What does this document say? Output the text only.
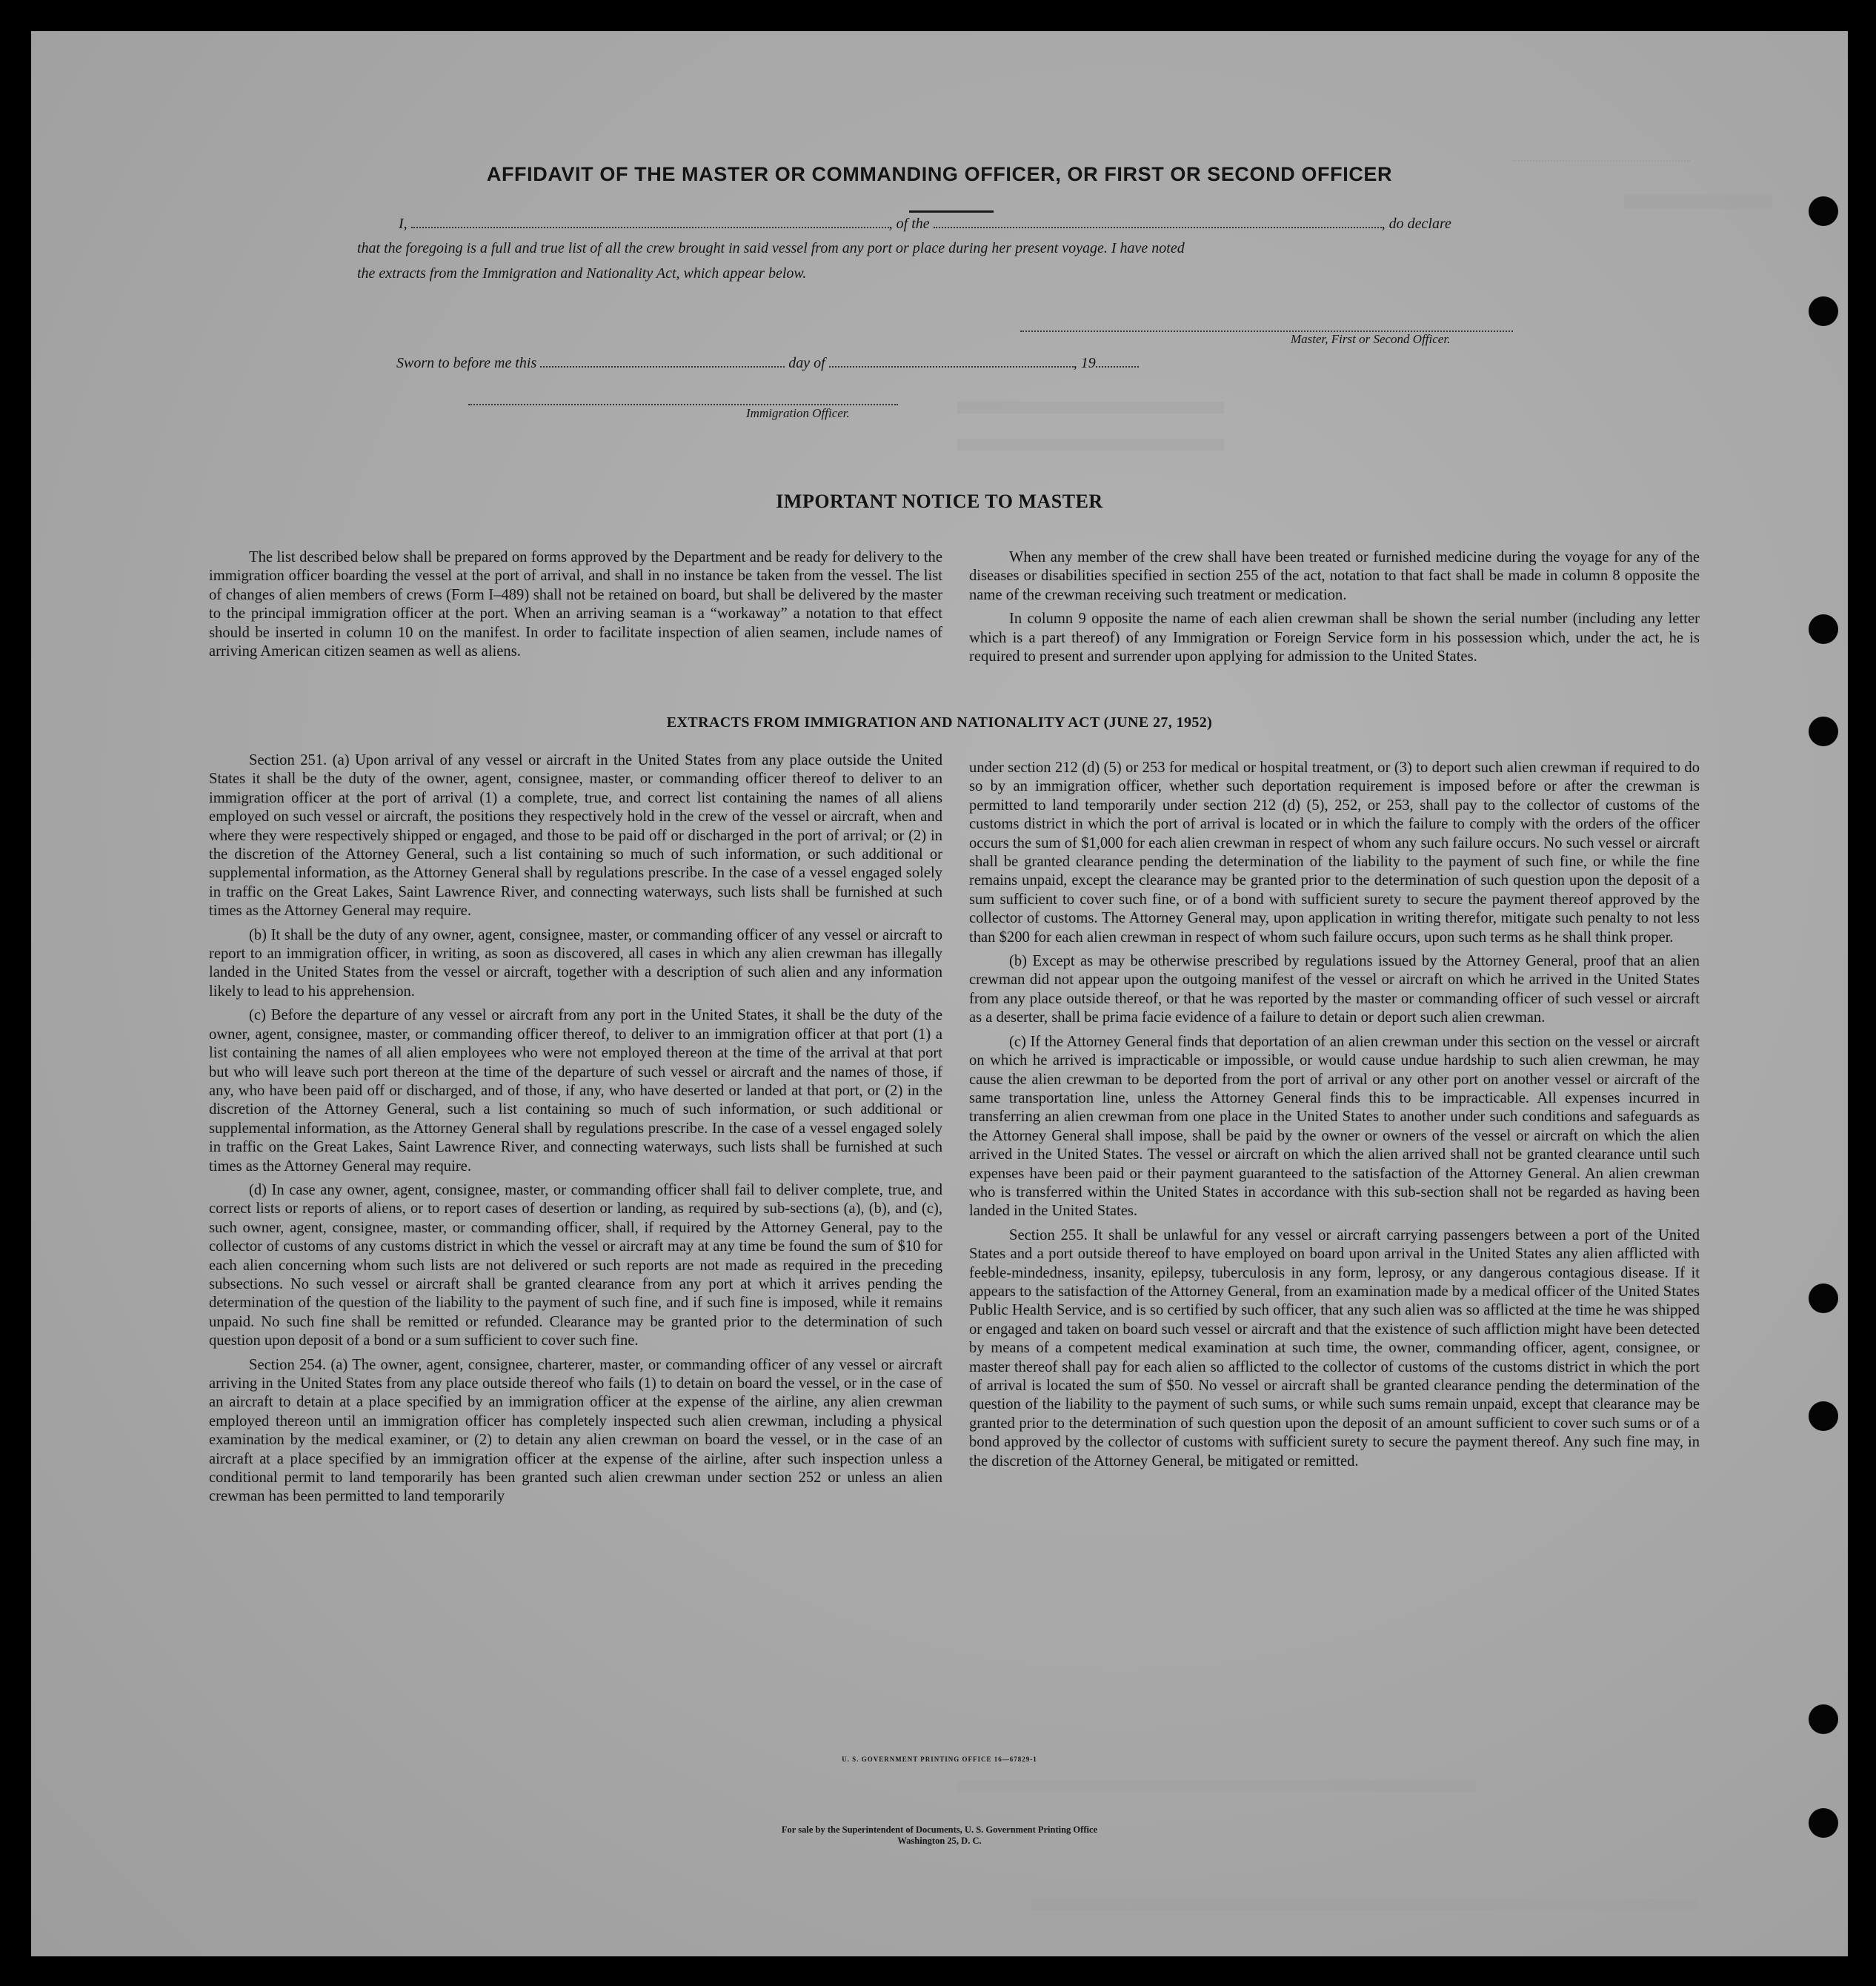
AFFIDAVIT OF THE MASTER OR COMMANDING OFFICER, OR FIRST OR SECOND OFFICER
I,	, of the	, do declare
that the foregoing is a full and true list of all the crew brought in said vessel from any port or place during her present voyage. I have noted
the extracts from the Immigration and Nationality Act, which appear below.
Master, First or Second Officer.
Sworn to before me this	day of	, 19
Immigration Officer.
IMPORTANT NOTICE TO MASTER

The list described below shall be prepared on forms approved by the Department and be ready for delivery to the immigration officer boarding the vessel at the port of arrival, and shall in no instance be taken from the vessel. The list of changes of alien members of crews (Form I–489) shall not be retained on board, but shall be delivered by the master to the principal immigration officer at the port. When an arriving seaman is a “workaway” a notation to that effect should be inserted in column 10 on the manifest. In order to facilitate inspection of alien seamen, include names of arriving American citizen seamen as well as aliens.

When any member of the crew shall have been treated or furnished medicine during the voyage for any of the diseases or disabilities specified in section 255 of the act, notation to that fact shall be made in column 8 opposite the name of the crewman receiving such treatment or medication.

In column 9 opposite the name of each alien crewman shall be shown the serial number (including any letter which is a part thereof) of any Immigration or Foreign Service form in his possession which, under the act, he is required to present and surrender upon applying for admission to the United States.

EXTRACTS FROM IMMIGRATION AND NATIONALITY ACT (JUNE 27, 1952)

Section 251. (a) Upon arrival of any vessel or aircraft in the United States from any place outside the United States it shall be the duty of the owner, agent, consignee, master, or commanding officer thereof to deliver to an immigration officer at the port of arrival (1) a complete, true, and correct list containing the names of all aliens employed on such vessel or aircraft, the positions they respectively hold in the crew of the vessel or aircraft, when and where they were respectively shipped or engaged, and those to be paid off or discharged in the port of arrival; or (2) in the discretion of the Attorney General, such a list containing so much of such information, or such additional or supplemental information, as the Attorney General shall by regulations prescribe. In the case of a vessel engaged solely in traffic on the Great Lakes, Saint Lawrence River, and connecting waterways, such lists shall be furnished at such times as the Attorney General may require.

(b) It shall be the duty of any owner, agent, consignee, master, or commanding officer of any vessel or aircraft to report to an immigration officer, in writing, as soon as discovered, all cases in which any alien crewman has illegally landed in the United States from the vessel or aircraft, together with a description of such alien and any information likely to lead to his apprehension.

(c) Before the departure of any vessel or aircraft from any port in the United States, it shall be the duty of the owner, agent, consignee, master, or commanding officer thereof, to deliver to an immigration officer at that port (1) a list containing the names of all alien employees who were not employed thereon at the time of the arrival at that port but who will leave such port thereon at the time of the departure of such vessel or aircraft and the names of those, if any, who have been paid off or discharged, and of those, if any, who have deserted or landed at that port, or (2) in the discretion of the Attorney General, such a list containing so much of such information, or such additional or supplemental information, as the Attorney General shall by regulations prescribe. In the case of a vessel engaged solely in traffic on the Great Lakes, Saint Lawrence River, and connecting waterways, such lists shall be furnished at such times as the Attorney General may require.

(d) In case any owner, agent, consignee, master, or commanding officer shall fail to deliver complete, true, and correct lists or reports of aliens, or to report cases of desertion or landing, as required by sub-sections (a), (b), and (c), such owner, agent, consignee, master, or commanding officer, shall, if required by the Attorney General, pay to the collector of customs of any customs district in which the vessel or aircraft may at any time be found the sum of $10 for each alien concerning whom such lists are not delivered or such reports are not made as required in the preceding subsections. No such vessel or aircraft shall be granted clearance from any port at which it arrives pending the determination of the question of the liability to the payment of such fine, and if such fine is imposed, while it remains unpaid. No such fine shall be remitted or refunded. Clearance may be granted prior to the determination of such question upon deposit of a bond or a sum sufficient to cover such fine.

Section 254. (a) The owner, agent, consignee, charterer, master, or commanding officer of any vessel or aircraft arriving in the United States from any place outside thereof who fails (1) to detain on board the vessel, or in the case of an aircraft to detain at a place specified by an immigration officer at the expense of the airline, any alien crewman employed thereon until an immigration officer has completely inspected such alien crewman, including a physical examination by the medical examiner, or (2) to detain any alien crewman on board the vessel, or in the case of an aircraft at a place specified by an immigration officer at the expense of the airline, after such inspection unless a conditional permit to land temporarily has been granted such alien crewman under section 252 or unless an alien crewman has been permitted to land temporarily

under section 212 (d) (5) or 253 for medical or hospital treatment, or (3) to deport such alien crewman if required to do so by an immigration officer, whether such deportation requirement is imposed before or after the crewman is permitted to land temporarily under section 212 (d) (5), 252, or 253, shall pay to the collector of customs of the customs district in which the port of arrival is located or in which the failure to comply with the orders of the officer occurs the sum of $1,000 for each alien crewman in respect of whom any such failure occurs. No such vessel or aircraft shall be granted clearance pending the determination of the liability to the payment of such fine, or while the fine remains unpaid, except the clearance may be granted prior to the determination of such question upon the deposit of a sum sufficient to cover such fine, or of a bond with sufficient surety to secure the payment thereof approved by the collector of customs. The Attorney General may, upon application in writing therefor, mitigate such penalty to not less than $200 for each alien crewman in respect of whom such failure occurs, upon such terms as he shall think proper.

(b) Except as may be otherwise prescribed by regulations issued by the Attorney General, proof that an alien crewman did not appear upon the outgoing manifest of the vessel or aircraft on which he arrived in the United States from any place outside thereof, or that he was reported by the master or commanding officer of such vessel or aircraft as a deserter, shall be prima facie evidence of a failure to detain or deport such alien crewman.

(c) If the Attorney General finds that deportation of an alien crewman under this section on the vessel or aircraft on which he arrived is impracticable or impossible, or would cause undue hardship to such alien crewman, he may cause the alien crewman to be deported from the port of arrival or any other port on another vessel or aircraft of the same transportation line, unless the Attorney General finds this to be impracticable. All expenses incurred in transferring an alien crewman from one place in the United States to another under such conditions and safeguards as the Attorney General shall impose, shall be paid by the owner or owners of the vessel or aircraft on which the alien arrived in the United States. The vessel or aircraft on which the alien arrived shall not be granted clearance until such expenses have been paid or their payment guaranteed to the satisfaction of the Attorney General. An alien crewman who is transferred within the United States in accordance with this sub-section shall not be regarded as having been landed in the United States.

Section 255. It shall be unlawful for any vessel or aircraft carrying passengers between a port of the United States and a port outside thereof to have employed on board upon arrival in the United States any alien afflicted with feeble-mindedness, insanity, epilepsy, tuberculosis in any form, leprosy, or any dangerous contagious disease. If it appears to the satisfaction of the Attorney General, from an examination made by a medical officer of the United States Public Health Service, and is so certified by such officer, that any such alien was so afflicted at the time he was shipped or engaged and taken on board such vessel or aircraft and that the existence of such affliction might have been detected by means of a competent medical examination at such time, the owner, commanding officer, agent, consignee, or master thereof shall pay for each alien so afflicted to the collector of customs of the customs district in which the port of arrival is located the sum of $50. No vessel or aircraft shall be granted clearance pending the determination of the question of the liability to the payment of such sums, or while such sums remain unpaid, except that clearance may be granted prior to the determination of such question upon the deposit of an amount sufficient to cover such sums or of a bond approved by the collector of customs with sufficient surety to secure the payment thereof. Any such fine may, in the discretion of the Attorney General, be mitigated or remitted.

U. S. GOVERNMENT PRINTING OFFICE 16—67829-1
For sale by the Superintendent of Documents, U. S. Government Printing Office
Washington 25, D. C.
